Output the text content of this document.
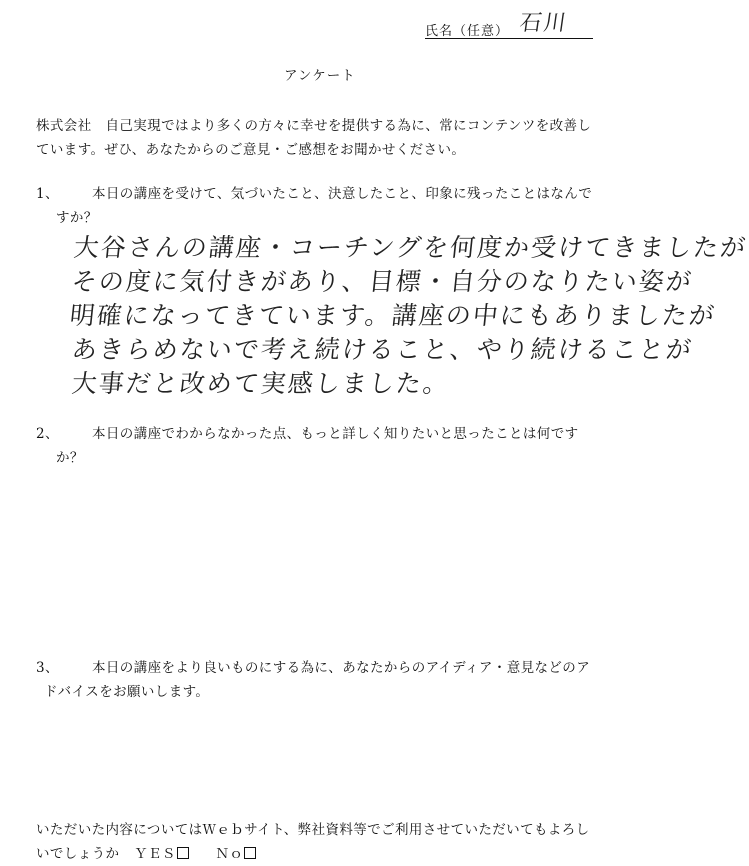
氏名（任意） 石川
アンケート
株式会社　自己実現ではより多くの方々に幸せを提供する為に、常にコンテンツを改善し
ています。ぜひ、あなたからのご意見・ご感想をお聞かせください。
1、 本日の講座を受けて、気づいたこと、決意したこと、印象に残ったことはなんで
すか？
大谷さんの講座・コーチングを何度か受けてきましたが
その度に気付きがあり、目標・自分のなりたい姿が
明確になってきています。講座の中にもありましたが
あきらめないで考え続けること、やり続けることが
大事だと改めて実感しました。
2、 本日の講座でわからなかった点、もっと詳しく知りたいと思ったことは何です
か？
3、 本日の講座をより良いものにする為に、あなたからのアイディア・意見などのア
ドバイスをお願いします。
いただいた内容についてはＷｅｂサイト、弊社資料等でご利用させていただいてもよろし
いでしょうか ＹＥＳ	Ｎｏ
